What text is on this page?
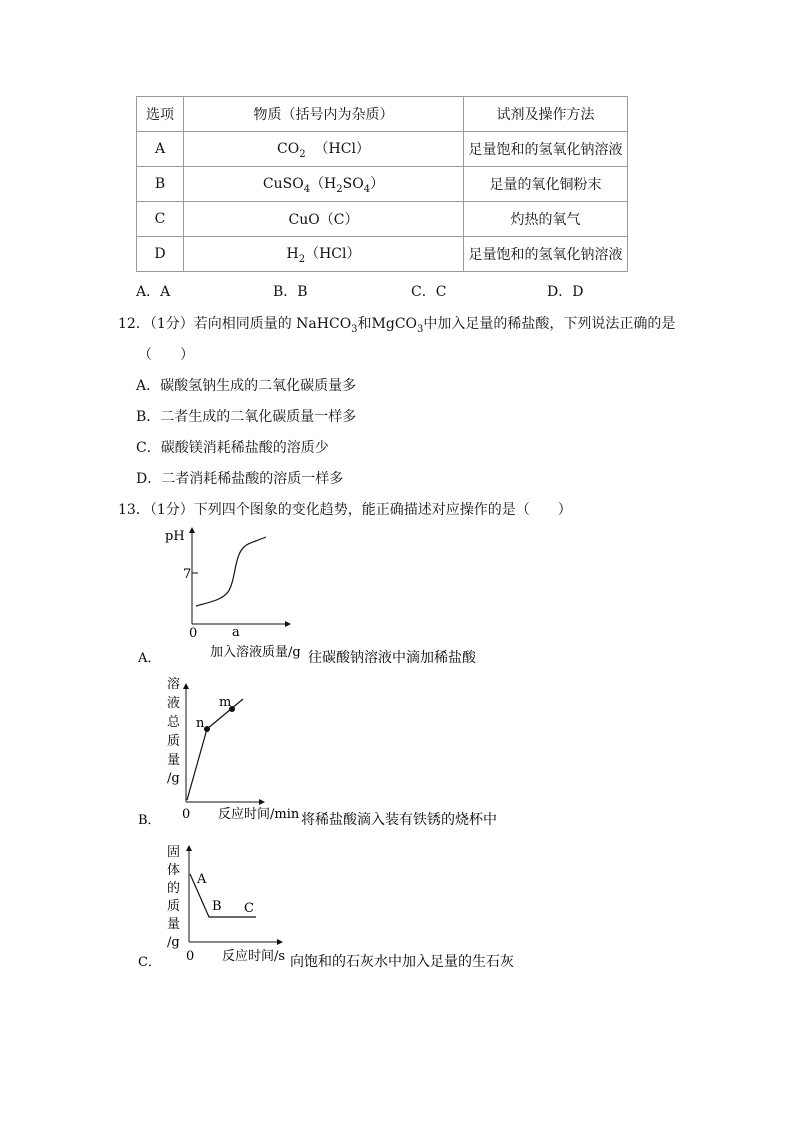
选项	物质（括号内为杂质）	试剂及操作方法
A	$CO_2$  （HCl）	足量饱和的氢氧化钠溶液
B	$CuSO_4(H_2SO_4)$	足量的氧化铜粉末
C	CuO（C）	灼热的氧气
D	$H_2(HCl)$	足量饱和的氢氧化钠溶液
A．A	B．B	C．C	D．D
12．（1分）若向相同质量的 NaHCO$_3$和MgCO$_3$中加入足量的稀盐酸，下列说法正确的是
（　　）
A．碳酸氢钠生成的二氧化碳质量多
B．二者生成的二氧化碳质量一样多
C．碳酸镁消耗稀盐酸的溶质少
D．二者消耗稀盐酸的溶质一样多
13．（1分）下列四个图象的变化趋势，能正确描述对应操作的是（　　）
pH
7
0	a
加入溶液质量/g
A．	往碳酸钠溶液中滴加稀盐酸
n
m
溶
液
总
质
量
/g
0 反应时间/min
B．	将稀盐酸滴入装有铁锈的烧杯中
A
B C
固
体
的
质
量
/g
0 反应时间/s
C．	向饱和的石灰水中加入足量的生石灰
